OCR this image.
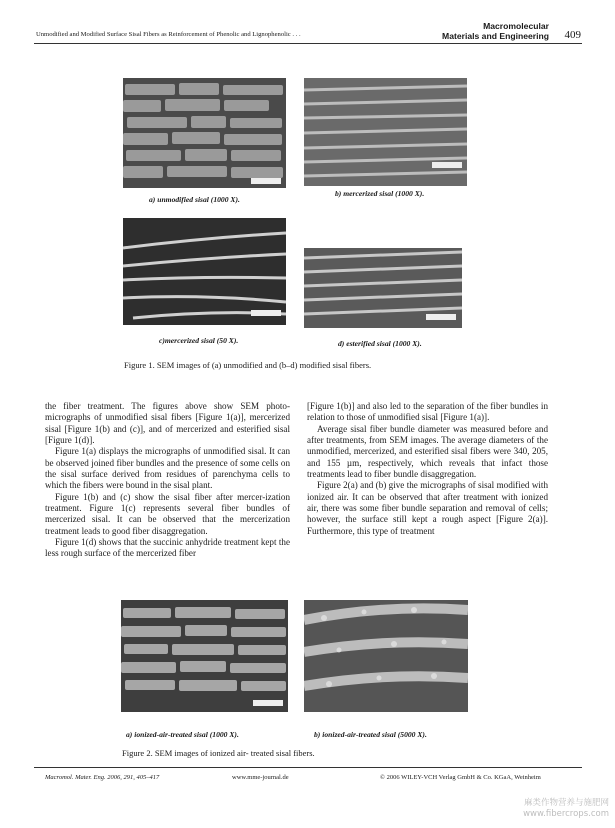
Unmodified and Modified Surface Sisal Fibers as Reinforcement of Phenolic and Lignophenolic . . .
Macromolecular
Materials and Engineering 409
a) unmodified sisal (1000 X).
b) mercerized sisal (1000 X).
c)mercerized sisal (50 X).	d) esterified sisal (1000 X).
Figure 1. SEM images of (a) unmodified and (b–d) modified sisal fibers.

the fiber treatment. The figures above show SEM photo-micrographs of unmodified sisal fibers [Figure 1(a)], mercerized sisal [Figure 1(b) and (c)], and of mercerized and esterified sisal [Figure 1(d)].

Figure 1(a) displays the micrographs of unmodified sisal. It can be observed joined fiber bundles and the presence of some cells on the sisal surface derived from residues of parenchyma cells to which the fibers were bound in the sisal plant.

Figure 1(b) and (c) show the sisal fiber after mercer-ization treatment. Figure 1(c) represents several fiber bundles of mercerized sisal. It can be observed that the mercerization treatment leads to good fiber disaggregation.

Figure 1(d) shows that the succinic anhydride treatment kept the less rough surface of the mercerized fiber

[Figure 1(b)] and also led to the separation of the fiber bundles in relation to those of unmodified sisal [Figure 1(a)].

Average sisal fiber bundle diameter was measured before and after treatments, from SEM images. The average diameters of the unmodified, mercerized, and esterified sisal fibers were 340, 205, and 155 µm, respectively, which reveals that infact those treatments lead to fiber bundle disaggregation.

Figure 2(a) and (b) give the micrographs of sisal modified with ionized air. It can be observed that after treatment with ionized air, there was some fiber bundle separation and removal of cells; however, the surface still kept a rough aspect [Figure 2(a)]. Furthermore, this type of treatment

a) ionized-air-treated sisal (1000 X).	b) ionized-air-treated sisal (5000 X).
Figure 2. SEM images of ionized air- treated sisal fibers.
Macromol. Mater. Eng. 2006, 291, 405–417	www.mme-journal.de	© 2006 WILEY-VCH Verlag GmbH & Co. KGaA, Weinheim
麻类作物营养与施肥网
www.fibercrops.com
